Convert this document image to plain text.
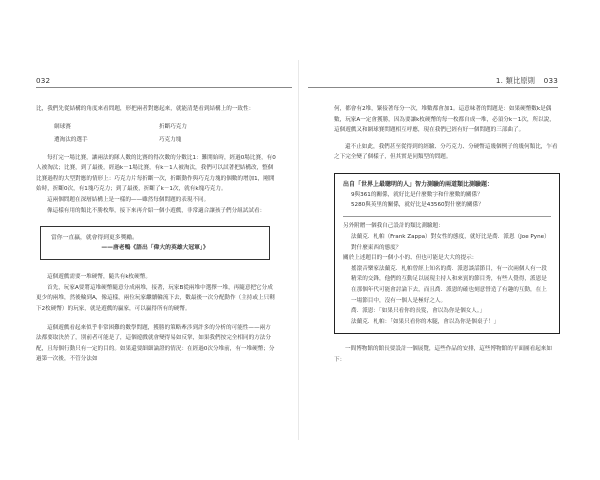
032

比，我們先從結構的角度來看問題，形把兩者對應起來，就能清楚看到結構上的一致性：

網球賽	折斷巧克力
遭淘汰的選手	巧克力塊

每打完一場比賽，讓兩法的隊人數的比賽的得次數的分數比1：難開始時，經過0場比賽，有0人被淘汰；比賽，到了最後，經過k－1場比賽，有k－1人被淘汰，我們可以試著把結構改，整個比賽過程的大型對應的情形上：巧克力片每折斷一次，折斷動作與巧克力塊的個數的增加1，剛開始時，折斷0次，有1塊巧克力；到了最後，折斷了k－1次，就有k塊巧克力。

這兩個問題在深層結構上是一樣的——雖然每個問題的表現不同。

像這樣有用的類比不勝枚舉，接下來再介紹一個小遊戲，非常適合讓孩子們分組試試看：

當你一直贏，就會得到更多獎勵。
——唐老鴨《語出「偉大的英雄大冠軍」》

這個遊戲需要一堆硬幣，隨共有k枚硬幣。

首先，玩家A要將這堆硬幣隨意分成兩堆，接著，玩家B從兩堆中選擇一堆，再隨意把它分成更少的兩堆，然後輪到A，像這樣，兩位玩家繼續輪流下去，數最後一次分配動作（主持或上只剩下2枚硬幣）的玩家，就是遊戲的贏家，可以贏得所有的硬幣。

這個遊戲看起來似乎非常困難的數學問題，獲勝的策略牽涉到許多的分析的可能性——兩方法都要取決於了，別前者可能是了，這個遊戲就會變得易如反掌，如果我們按完全相同的方法分配，且每個行動只有一定的目的。如果還要細細論證的情況：在經過0次分堆前，有一堆硬幣；分過第一次後，不管分法如

1. 類比原則 033

何，都會有2堆，緊接著每分一次，堆數都會加1。這意味著的問題是：如果硬幣數k是偶數，玩家A一定會獲勝，因為要讓k枚硬幣的每一枚都自成一堆，必須分k－1次，所以說，這個遊戲又和網球賽問題相互呼應，現在我們已經有好一個問題的三部曲了。

還不止如此，我們甚至從得到的經驗、分巧克力、分硬幣這幾個例子的幾何類比，乍看之下完全變了個樣子，但其實是同類型的問題。

出自「世界上最聰明的人」智力測驗的兩道類比測驗題：
9與361的關係，就好比是什麼數字和什麼數的關係？
5280與英里的關係，就好比是43560對什麼的關係？

另外附贈一個我自己設計的類比測驗題：

法蘭克．札帕（Frank Zappa）對女性的態度，就好比是喬．派恩（Joe Pyne）對什麼東西的態度？

關於上述題目的一個小小的、但也可能是大大的提示：

搖滾音樂家法蘭克．札帕曾經上知名的喬．派恩談話節目，有一次兩個人有一段精采的交鋒，他們的互動足以展現主持人和來賓的節目秀，有些人覺得，派恩是在那個年代可能會討論下去，而且喬．派恩的確也刻意營造了有趣的互動，在上一場節目中，沒有一個人是極好之人。

喬．派恩：「如果只看你的長髮，會以為你是個女人。」

法蘭克．札帕：「如果只看你的木腿，會以為你是個桌子！」

一間博物館的館長要設計一個展覽，這些作品的安排，這些博物館的平面圖看起來如下：
